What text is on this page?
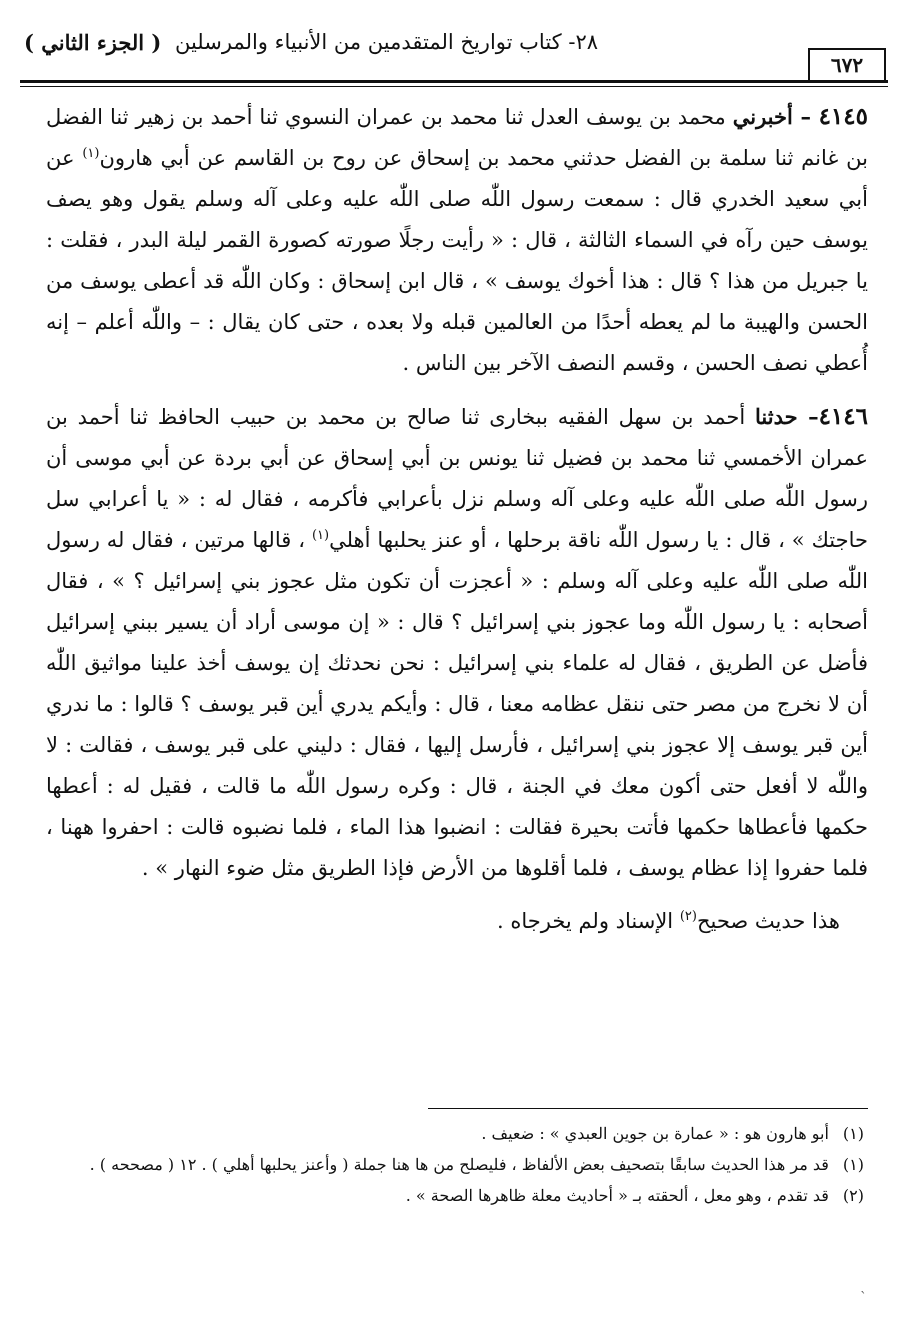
( الجزء الثاني ) ٢٨- كتاب تواريخ المتقدمين من الأنبياء والمرسلين
٦٧٢

٤١٤٥ – أخبرني محمد بن يوسف العدل ثنا محمد بن عمران النسوي ثنا أحمد بن زهير ثنا الفضل بن غانم ثنا سلمة بن الفضل حدثني محمد بن إسحاق عن روح بن القاسم عن أبي هارون$^{(١)}$ عن أبي سعيد الخدري قال : سمعت رسول اللّٰه صلى اللّٰه عليه وعلى آله وسلم يقول وهو يصف يوسف حين رآه في السماء الثالثة ، قال : « رأيت رجلًا صورته كصورة القمر ليلة البدر ، فقلت : يا جبريل من هذا ؟ قال : هذا أخوك يوسف » ، قال ابن إسحاق : وكان اللّٰه قد أعطى يوسف من الحسن والهيبة ما لم يعطه أحدًا من العالمين قبله ولا بعده ، حتى كان يقال : – واللّٰه أعلم – إنه أُعطي نصف الحسن ، وقسم النصف الآخر بين الناس .

٤١٤٦– حدثنا أحمد بن سهل الفقيه ببخارى ثنا صالح بن محمد بن حبيب الحافظ ثنا أحمد بن عمران الأخمسي ثنا محمد بن فضيل ثنا يونس بن أبي إسحاق عن أبي بردة عن أبي موسى أن رسول اللّٰه صلى اللّٰه عليه وعلى آله وسلم نزل بأعرابي فأكرمه ، فقال له : « يا أعرابي سل حاجتك » ، قال : يا رسول اللّٰه ناقة برحلها ، أو عنز يحلبها أهلي$^{(١)}$ ، قالها مرتين ، فقال له رسول اللّٰه صلى اللّٰه عليه وعلى آله وسلم : « أعجزت أن تكون مثل عجوز بني إسرائيل ؟ » ، فقال أصحابه : يا رسول اللّٰه وما عجوز بني إسرائيل ؟ قال : « إن موسى أراد أن يسير ببني إسرائيل فأضل عن الطريق ، فقال له علماء بني إسرائيل : نحن نحدثك إن يوسف أخذ علينا مواثيق اللّٰه أن لا نخرج من مصر حتى ننقل عظامه معنا ، قال : وأيكم يدري أين قبر يوسف ؟ قالوا : ما ندري أين قبر يوسف إلا عجوز بني إسرائيل ، فأرسل إليها ، فقال : دليني على قبر يوسف ، فقالت : لا واللّٰه لا أفعل حتى أكون معك في الجنة ، قال : وكره رسول اللّٰه ما قالت ، فقيل له : أعطها حكمها فأعطاها حكمها فأتت بحيرة فقالت : انضبوا هذا الماء ، فلما نضبوه قالت : احفروا ههنا ، فلما حفروا إذا عظام يوسف ، فلما أقلوها من الأرض فإذا الطريق مثل ضوء النهار » .

هذا حديث صحيح$^{(٢)}$ الإسناد ولم يخرجاه .

(١)
أبو هارون هو : « عمارة بن جوين العبدي » : ضعيف .
(١)
قد مر هذا الحديث سابقًا بتصحيف بعض الألفاظ ، فليصلح من ها هنا جملة ( وأعنز يحلبها أهلي ) . ١٢ ( مصححه ) .
(٢)
قد تقدم ، وهو معل ، ألحقته بـ « أحاديث معلة ظاهرها الصحة » .
ˋ
